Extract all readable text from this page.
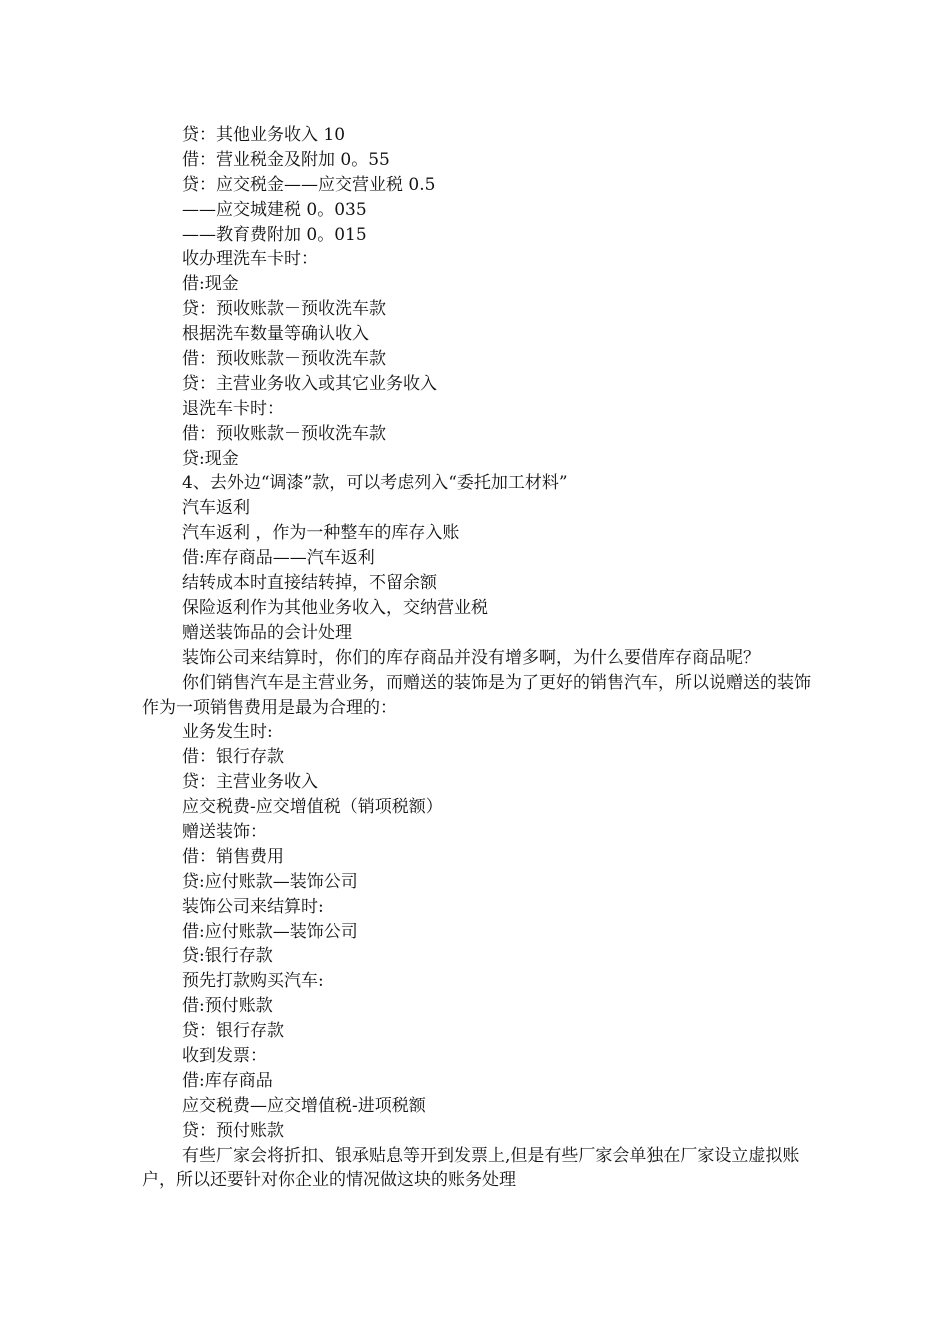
贷：其他业务收入 10
借：营业税金及附加 0。55
贷：应交税金——应交营业税 0.5
——应交城建税 0。035
——教育费附加 0。015
收办理洗车卡时：
借:现金
贷：预收账款－预收洗车款
根据洗车数量等确认收入
借：预收账款－预收洗车款
贷：主营业务收入或其它业务收入
退洗车卡时：
借：预收账款－预收洗车款
贷:现金
4、去外边“调漆”款，可以考虑列入“委托加工材料”
汽车返利
汽车返利 ，作为一种整车的库存入账
借:库存商品——汽车返利
结转成本时直接结转掉，不留余额
保险返利作为其他业务收入，交纳营业税
赠送装饰品的会计处理
装饰公司来结算时，你们的库存商品并没有增多啊，为什么要借库存商品呢？
你们销售汽车是主营业务，而赠送的装饰是为了更好的销售汽车，所以说赠送的装饰作为一项销售费用是最为合理的：
业务发生时:
借：银行存款
贷：主营业务收入
应交税费-应交增值税（销项税额）
赠送装饰：
借：销售费用
贷:应付账款—装饰公司
装饰公司来结算时:
借:应付账款—装饰公司
贷:银行存款
预先打款购买汽车:
借:预付账款
贷：银行存款
收到发票：
借:库存商品
应交税费—应交增值税-进项税额
贷：预付账款
有些厂家会将折扣、银承贴息等开到发票上,但是有些厂家会单独在厂家设立虚拟账户，所以还要针对你企业的情况做这块的账务处理
